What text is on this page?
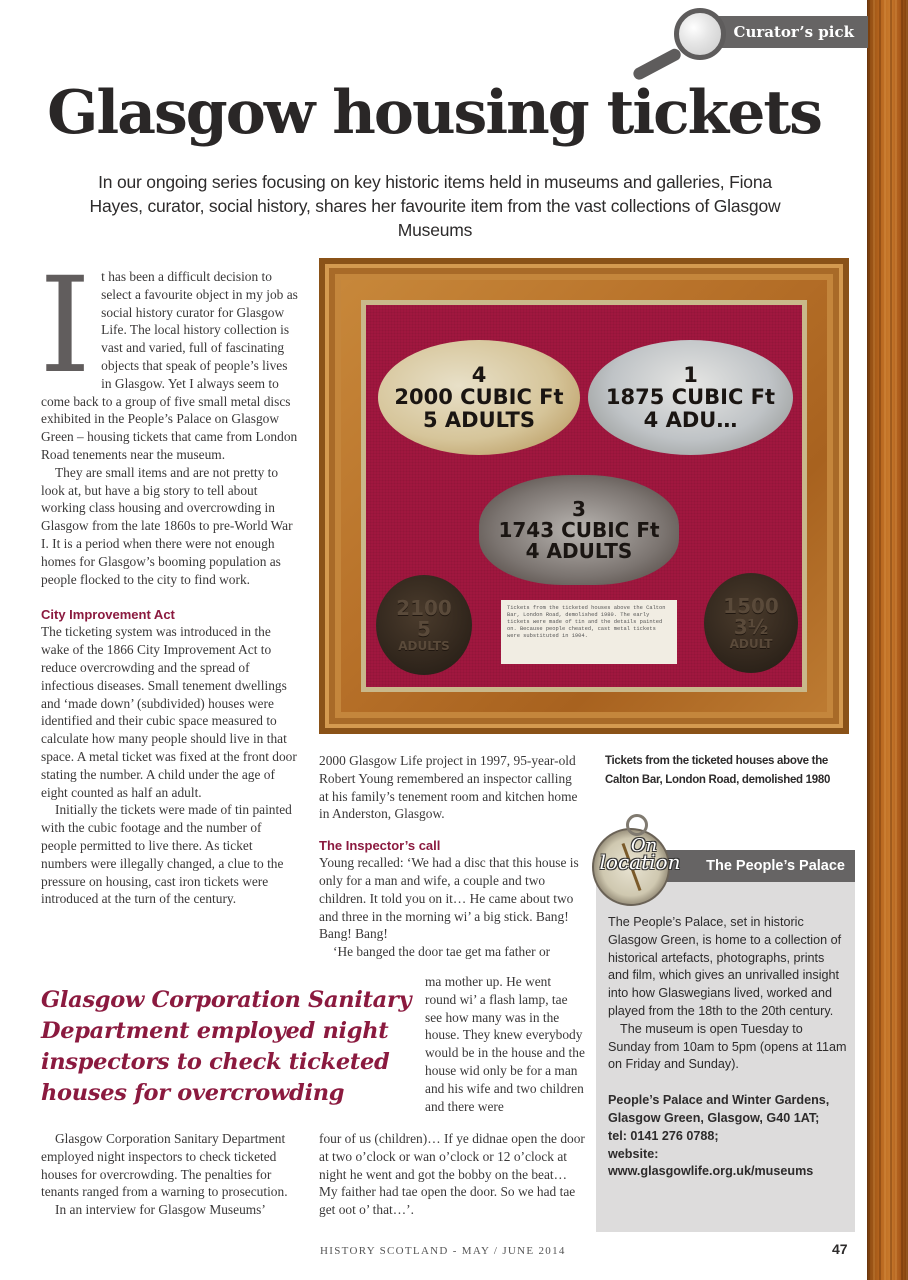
Curator’s pick
Glasgow housing tickets
In our ongoing series focusing on key historic items held in museums and galleries, Fiona Hayes, curator, social history, shares her favourite item from the vast collections of Glasgow Museums
I t has been a difficult decision to select a favourite object in my job as social history curator for Glasgow Life. The local history collection is vast and varied, full of fascinating objects that speak of people’s lives in Glasgow. Yet I always seem to come back to a group of five small metal discs exhibited in the People’s Palace on Glasgow Green – housing tickets that came from London Road tenements near the museum.

They are small items and are not pretty to look at, but have a big story to tell about working class housing and overcrowding in Glasgow from the late 1860s to pre-World War I. It is a period when there were not enough homes for Glasgow’s booming population as people flocked to the city to find work.

City Improvement Act

The ticketing system was introduced in the wake of the 1866 City Improvement Act to reduce overcrowding and the spread of infectious diseases. Small tenement dwellings and ‘made down’ (subdivided) houses were identified and their cubic space measured to calculate how many people should live in that space. A metal ticket was fixed at the front door stating the number. A child under the age of eight counted as half an adult.

Initially the tickets were made of tin painted with the cubic footage and the number of people permitted to live there. As ticket numbers were illegally changed, a clue to the pressure on housing, cast iron tickets were introduced at the turn of the century.

4
2000 CUBIC Ft
5 ADULTS
1
1875 CUBIC Ft
4 ADU…
3
1743 CUBIC Ft
4 ADULTS
2100
5
ADULTS
Tickets from the ticketed houses above the Calton Bar, London Road, demolished 1980. The early tickets were made of tin and the details painted on. Because people cheated, cast metal tickets were substituted in 1904.
1500
3½
ADULT
Tickets from the ticketed houses above the Calton Bar, London Road, demolished 1980

2000 Glasgow Life project in 1997, 95-year-old Robert Young remembered an inspector calling at his family’s tenement room and kitchen home in Anderston, Glasgow.

The Inspector’s call

Young recalled: ‘We had a disc that this house is only for a man and wife, a couple and two children. It told you on it… He came about two and three in the morning wi’ a big stick. Bang! Bang! Bang!

‘He banged the door tae get ma father or

Glasgow Corporation Sanitary Department employed night inspectors to check ticketed houses for overcrowding

ma mother up. He went round wi’ a flash lamp, tae see how many was in the house. They knew everybody would be in the house and the house wid only be for a man and his wife and two children and there were

Glasgow Corporation Sanitary Department employed night inspectors to check ticketed houses for overcrowding. The penalties for tenants ranged from a warning to prosecution.

In an interview for Glasgow Museums’

four of us (children)… If ye didnae open the door at two o’clock or wan o’clock or 12 o’clock at night he went and got the bobby on the beat… My faither had tae open the door. So we had tae get oot o’ that…’.

The People’s Palace
On
location

The People’s Palace, set in historic Glasgow Green, is home to a collection of historical artefacts, photographs, prints and film, which gives an unrivalled insight into how Glaswegians lived, worked and played from the 18th to the 20th century.

The museum is open Tuesday to Sunday from 10am to 5pm (opens at 11am on Friday and Sunday).

People’s Palace and Winter Gardens, Glasgow Green, Glasgow, G40 1AT;
tel: 0141 276 0788;
website: www.glasgowlife.org.uk/museums

HISTORY SCOTLAND - MAY / JUNE 2014	47
